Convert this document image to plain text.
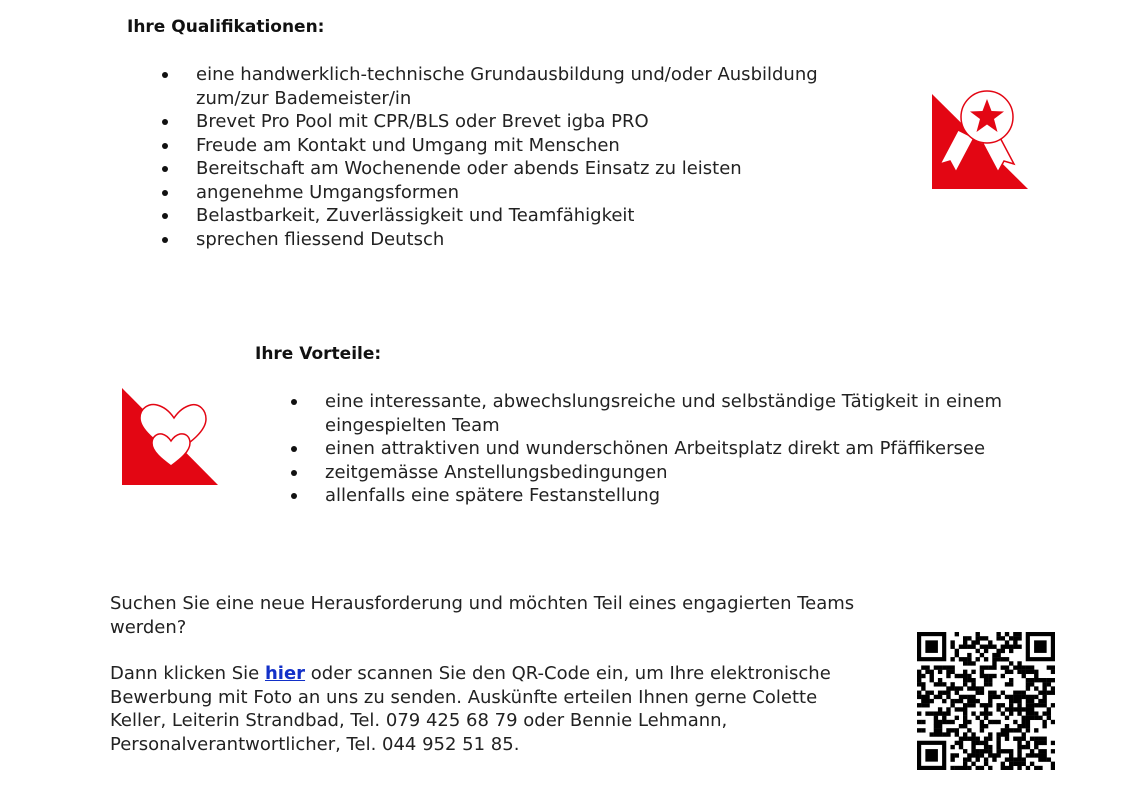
Ihre Qualifikationen:
eine handwerklich-technische Grundausbildung und/oder Ausbildung zum/zur Bademeister/in
Brevet Pro Pool mit CPR/BLS oder Brevet igba PRO
Freude am Kontakt und Umgang mit Menschen
Bereitschaft am Wochenende oder abends Einsatz zu leisten
angenehme Umgangsformen
Belastbarkeit, Zuverlässigkeit und Teamfähigkeit
sprechen fliessend Deutsch
Ihre Vorteile:
eine interessante, abwechslungsreiche und selbständige Tätigkeit in einem eingespielten Team
einen attraktiven und wunderschönen Arbeitsplatz direkt am Pfäffikersee
zeitgemässe Anstellungsbedingungen
allenfalls eine spätere Festanstellung

Suchen Sie eine neue Herausforderung und möchten Teil eines engagierten Teams werden?

Dann klicken Sie hier oder scannen Sie den QR-Code ein, um Ihre elektronische Bewerbung mit Foto an uns zu senden. Auskünfte erteilen Ihnen gerne Colette Keller, Leiterin Strandbad, Tel. 079 425 68 79 oder Bennie Lehmann, Personalverantwortlicher, Tel. 044 952 51 85.
